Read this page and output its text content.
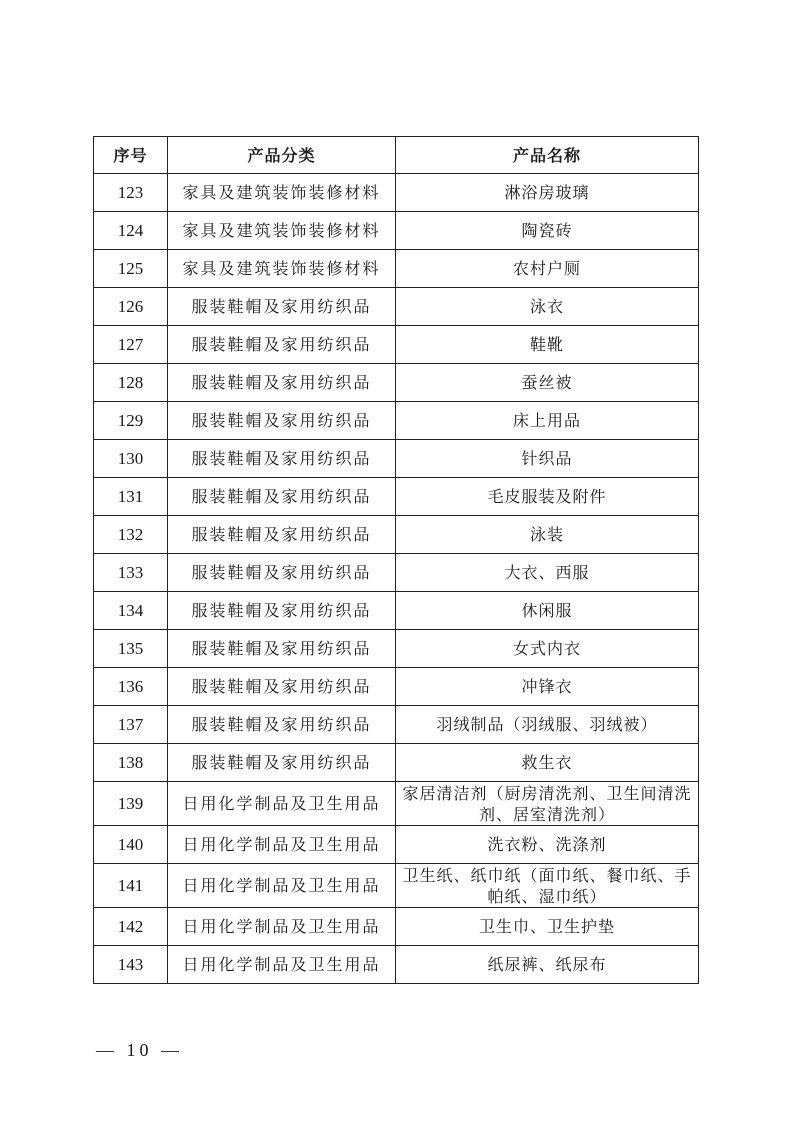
序号	产品分类	产品名称
123	家具及建筑装饰装修材料	淋浴房玻璃
124	家具及建筑装饰装修材料	陶瓷砖
125	家具及建筑装饰装修材料	农村户厕
126	服装鞋帽及家用纺织品	泳衣
127	服装鞋帽及家用纺织品	鞋靴
128	服装鞋帽及家用纺织品	蚕丝被
129	服装鞋帽及家用纺织品	床上用品
130	服装鞋帽及家用纺织品	针织品
131	服装鞋帽及家用纺织品	毛皮服装及附件
132	服装鞋帽及家用纺织品	泳装
133	服装鞋帽及家用纺织品	大衣、西服
134	服装鞋帽及家用纺织品	休闲服
135	服装鞋帽及家用纺织品	女式内衣
136	服装鞋帽及家用纺织品	冲锋衣
137	服装鞋帽及家用纺织品	羽绒制品（羽绒服、羽绒被）
138	服装鞋帽及家用纺织品	救生衣
139	日用化学制品及卫生用品	家居清洁剂（厨房清洗剂、卫生间清洗剂、居室清洗剂）
140	日用化学制品及卫生用品	洗衣粉、洗涤剂
141	日用化学制品及卫生用品	卫生纸、纸巾纸（面巾纸、餐巾纸、手帕纸、湿巾纸）
142	日用化学制品及卫生用品	卫生巾、卫生护垫
143	日用化学制品及卫生用品	纸尿裤、纸尿布
— 10 —
